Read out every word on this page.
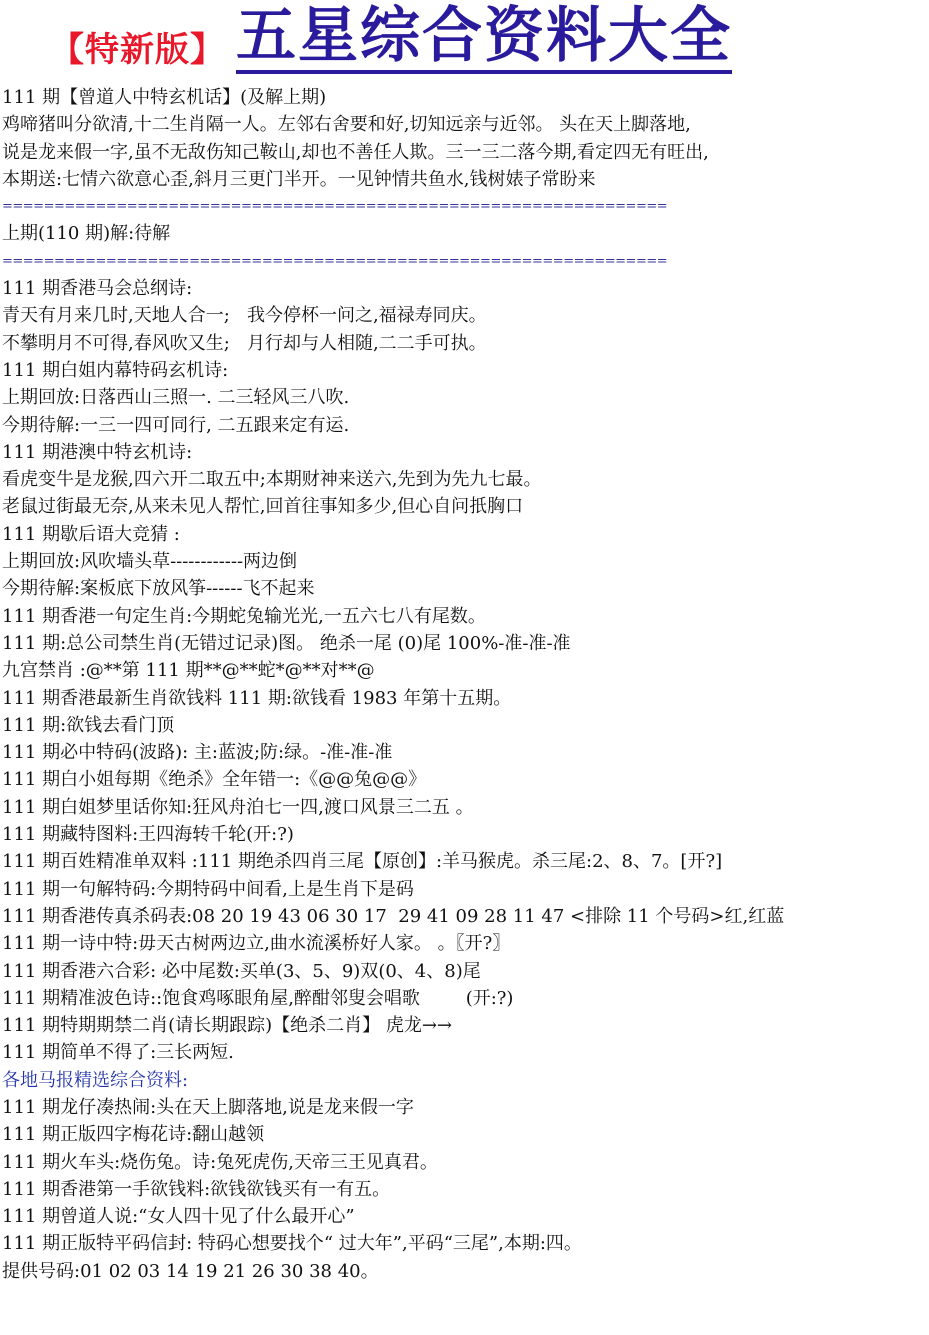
【特新版】 五星综合资料大全
111 期【曾道人中特玄机话】(及解上期)
鸡啼猪叫分欲清,十二生肖隔一人。左邻右舍要和好,切知远亲与近邻。 头在天上脚落地,
说是龙来假一字,虽不无敌伤知己鞍山,却也不善任人欺。三一三二落今期,看定四无有旺出,
本期送:七情六欲意心歪,斜月三更门半开。一见钟情共鱼水,钱树婊子常盼来
================================================================
上期(110 期)解:待解
================================================================
111 期香港马会总纲诗:
青天有月来几时,天地人合一;   我今停杯一问之,福禄寿同庆。
不攀明月不可得,春风吹又生;   月行却与人相随,二二手可执。
111 期白姐内幕特码玄机诗:
上期回放:日落西山三照一. 二三轻风三八吹.
今期待解:一三一四可同行, 二五跟来定有运.
111 期港澳中特玄机诗:
看虎变牛是龙猴,四六开二取五中;本期财神来送六,先到为先九七最。
老鼠过街最无奈,从来未见人帮忙,回首往事知多少,但心自问扺胸口
111 期歇后语大竞猜 :
上期回放:风吹墙头草------------两边倒
今期待解:案板底下放风筝------飞不起来
111 期香港一句定生肖:今期蛇兔输光光,一五六七八有尾数。
111 期:总公司禁生肖(无错过记录)图。 绝杀一尾 (0)尾 100%-准-准-准
九宫禁肖 :@**第 111 期**@**蛇*@**对**@
111 期香港最新生肖欲钱料 111 期:欲钱看 1983 年第十五期。
111 期:欲钱去看门顶
111 期必中特码(波路): 主:蓝波;防:绿。-准-准-准
111 期白小姐每期《绝杀》全年错一:《@@兔@@》
111 期白姐梦里话你知:狂风舟泊七一四,渡口风景三二五 。
111 期藏特图料:王四海转千轮(开:?)
111 期百姓精准单双料 :111 期绝杀四肖三尾【原创】:羊马猴虎。杀三尾:2、8、7。[开?]
111 期一句解特码:今期特码中间看,上是生肖下是码
111 期香港传真杀码表:08 20 19 43 06 30 17  29 41 09 28 11 47 <排除 11 个号码>红,红蓝
111 期一诗中特:毋天古树两边立,曲水流溪桥好人家。 。〖开?〗
111 期香港六合彩: 必中尾数:买单(3、5、9)双(0、4、8)尾
111 期精准波色诗::饱食鸡啄眼角屋,醉酣邻叟会唱歌        (开:?)
111 期特期期禁二肖(请长期跟踪)【绝杀二肖】 虎龙→→
111 期简单不得了:三长两短.
各地马报精选综合资料:
111 期龙仔凑热闹:头在天上脚落地,说是龙来假一字
111 期正版四字梅花诗:翻山越领
111 期火车头:烧伤兔。诗:兔死虎伤,天帝三王见真君。
111 期香港第一手欲钱料:欲钱欲钱买有一有五。
111 期曾道人说:“女人四十见了什么最开心”
111 期正版特平码信封: 特码心想要找个“ 过大年”,平码“三尾”,本期:四。
提供号码:01 02 03 14 19 21 26 30 38 40。
